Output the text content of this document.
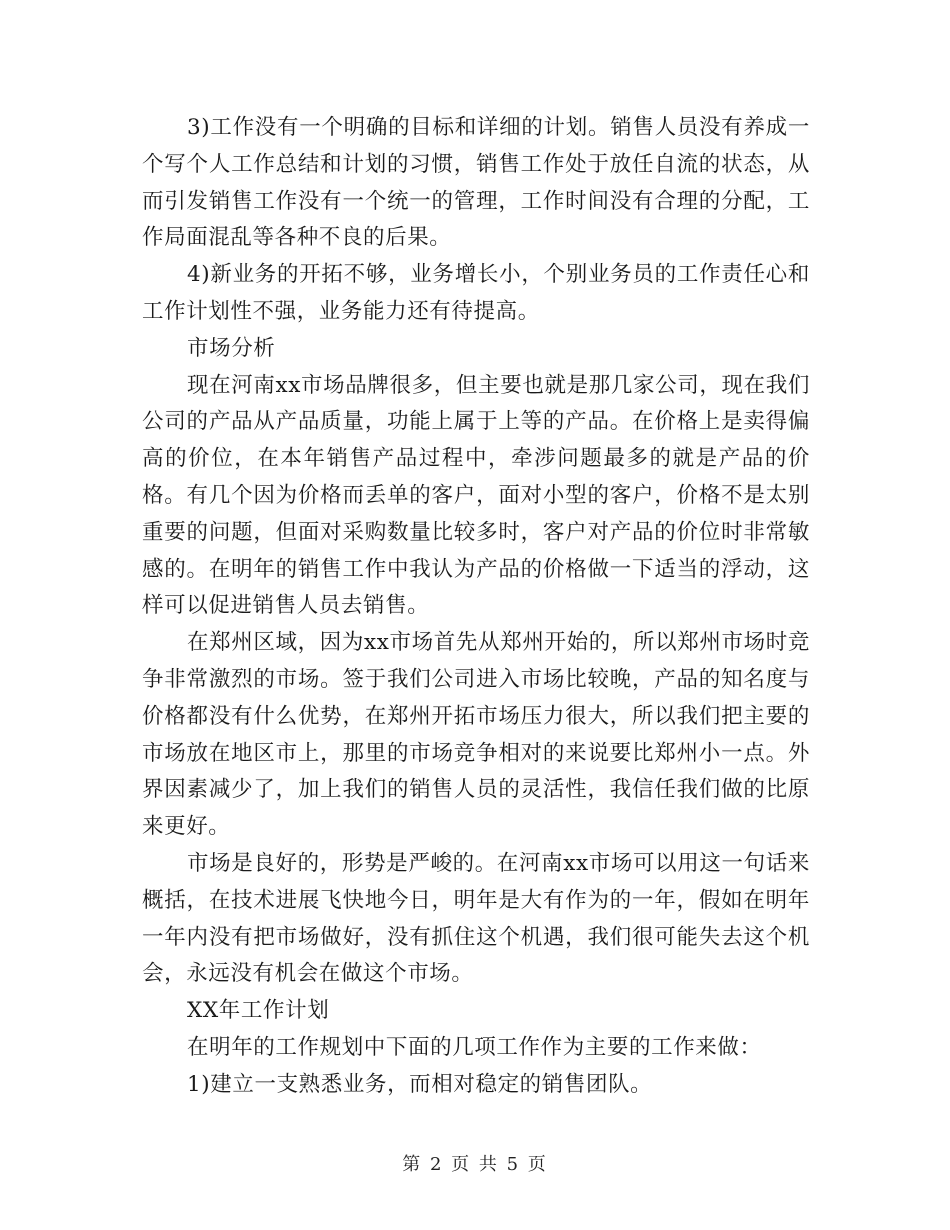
3)工作没有一个明确的目标和详细的计划。销售人员没有养成一个写个人工作总结和计划的习惯，销售工作处于放任自流的状态，从而引发销售工作没有一个统一的管理，工作时间没有合理的分配，工作局面混乱等各种不良的后果。

4)新业务的开拓不够，业务增长小，个别业务员的工作责任心和工作计划性不强，业务能力还有待提高。

市场分析

现在河南xx市场品牌很多，但主要也就是那几家公司，现在我们公司的产品从产品质量，功能上属于上等的产品。在价格上是卖得偏高的价位，在本年销售产品过程中，牵涉问题最多的就是产品的价格。有几个因为价格而丢单的客户，面对小型的客户，价格不是太别重要的问题，但面对采购数量比较多时，客户对产品的价位时非常敏感的。在明年的销售工作中我认为产品的价格做一下适当的浮动，这样可以促进销售人员去销售。

在郑州区域，因为xx市场首先从郑州开始的，所以郑州市场时竞争非常激烈的市场。签于我们公司进入市场比较晚，产品的知名度与价格都没有什么优势，在郑州开拓市场压力很大，所以我们把主要的市场放在地区市上，那里的市场竞争相对的来说要比郑州小一点。外界因素减少了，加上我们的销售人员的灵活性，我信任我们做的比原来更好。

市场是良好的，形势是严峻的。在河南xx市场可以用这一句话来概括，在技术进展飞快地今日，明年是大有作为的一年，假如在明年一年内没有把市场做好，没有抓住这个机遇，我们很可能失去这个机会，永远没有机会在做这个市场。

XX年工作计划

在明年的工作规划中下面的几项工作作为主要的工作来做：

1)建立一支熟悉业务，而相对稳定的销售团队。

第 2 页 共 5 页
